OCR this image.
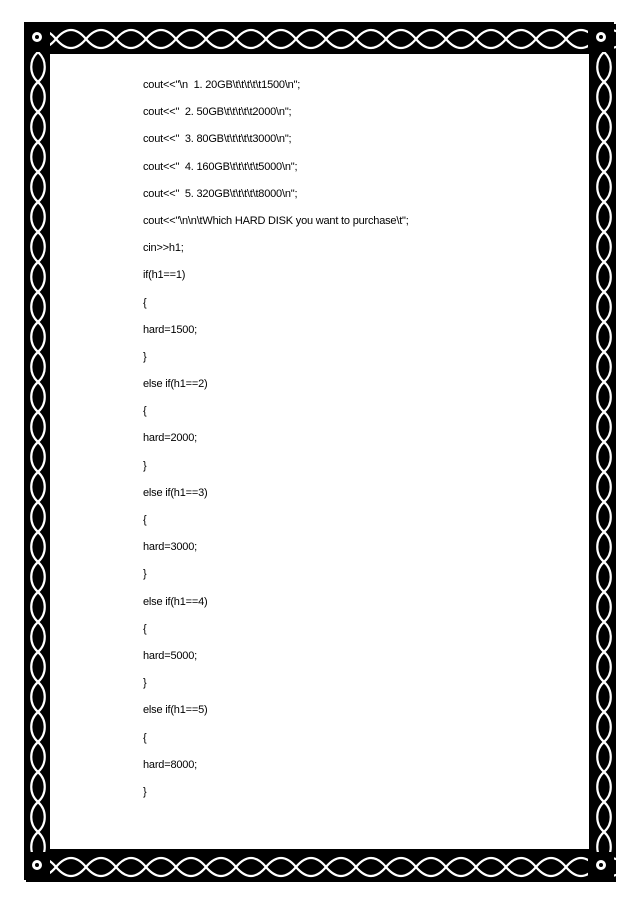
cout<<"\n  1. 20GB\t\t\t\t\t1500\n";
cout<<"  2. 50GB\t\t\t\t\t2000\n";
cout<<"  3. 80GB\t\t\t\t\t3000\n";
cout<<"  4. 160GB\t\t\t\t\t5000\n";
cout<<"  5. 320GB\t\t\t\t\t8000\n";
cout<<"\n\n\tWhich HARD DISK you want to purchase\t";
cin>>h1;
if(h1==1)
{
hard=1500;
}
else if(h1==2)
{
hard=2000;
}
else if(h1==3)
{
hard=3000;
}
else if(h1==4)
{
hard=5000;
}
else if(h1==5)
{
hard=8000;
}
